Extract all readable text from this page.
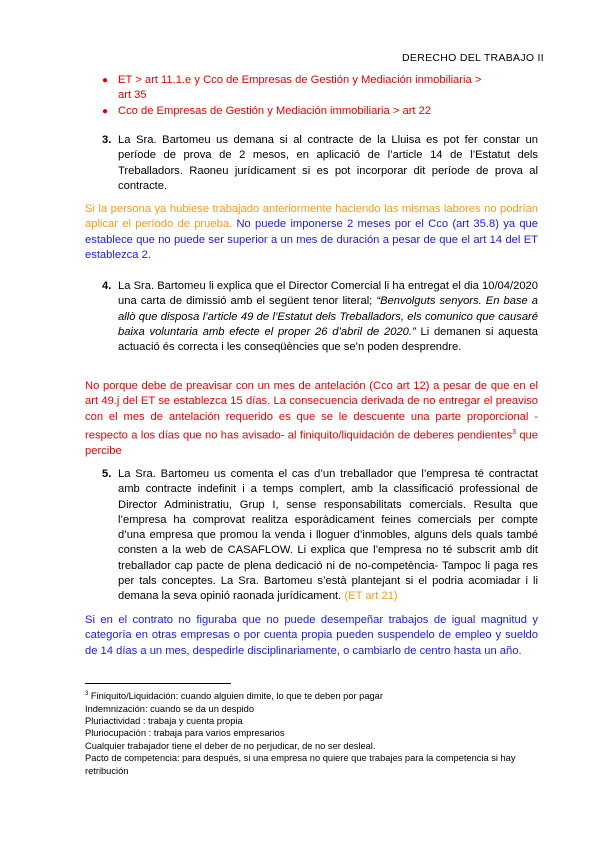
DERECHO DEL TRABAJO II
● ET > art 11.1.e y Cco de Empresas de Gestión y Mediación inmobiliaria >
art 35
● Cco de Empresas de Gestión y Mediación immobiliaria > art 22
3. La Sra. Bartomeu us demana si al contracte de la Lluisa es pot fer constar un període de prova de 2 mesos, en aplicació de l’article 14 de l’Estatut dels Treballadors. Raoneu jurídicament si es pot incorporar dit període de prova al contracte.
Si la persona ya hubiese trabajado anteriormente haciendo las mismas labores no podrían aplicar el período de prueba. No puede imponerse 2 meses por el Cco (art 35.8) ya que establece que no puede ser superior a un mes de duración a pesar de que el art 14 del ET establezca 2.
4. La Sra. Bartomeu li explica que el Director Comercial li ha entregat el dia 10/04/2020 una carta de dimissió amb el següent tenor literal; “Benvolguts senyors. En base a allò que disposa l’article 49 de l’Estatut dels Treballadors, els comunico que causaré baixa voluntaria amb efecte el proper 26 d’abril de 2020.” Li demanen si aquesta actuació és correcta i les conseqüències que se’n poden desprendre.
No porque debe de preavisar con un mes de antelación (Cco art 12) a pesar de que en el art 49.j del ET se establezca 15 días. La consecuencia derivada de no entregar el preaviso con el mes de antelación requerido es que se le descuente una parte proporcional -respecto a los días que no has avisado- al finiquito/liquidación de deberes pendientes$^3$ que percibe
5. La Sra. Bartomeu us comenta el cas d’un treballador que l’empresa té contractat amb contracte indefinit i a temps complert, amb la classificació professional de Director Administratiu, Grup I, sense responsabilitats comercials. Resulta que l’empresa ha comprovat realitza esporàdicament feines comercials per compte d’una empresa que promou la venda i lloguer d’inmobles, alguns dels quals també consten a la web de CASAFLOW. Li explica que l’empresa no té subscrit amb dit treballador cap pacte de plena dedicació ni de no-competència- Tampoc li paga res per tals conceptes. La Sra. Bartomeu s’està plantejant si el podria acomiadar i li demana la seva opinió raonada jurídicament. (ET art 21)
Si en el contrato no figuraba que no puede desempeñar trabajos de igual magnitud y categoría en otras empresas o por cuenta propia pueden suspendelo de empleo y sueldo de 14 días a un mes, despedirle disciplinariamente, o cambiarlo de centro hasta un año.
$^3$ Finiquito/Liquidación: cuando alguien dimite, lo que te deben por pagar
Indemnización: cuando se da un despido
Pluriactividad : trabaja y cuenta propia
Pluriocupación : trabaja para varios empresarios
Cualquier trabajador tiene el deber de no perjudicar, de no ser desleal.
Pacto de competencia: para después, si una empresa no quiere que trabajes para la competencia si hay retribución
